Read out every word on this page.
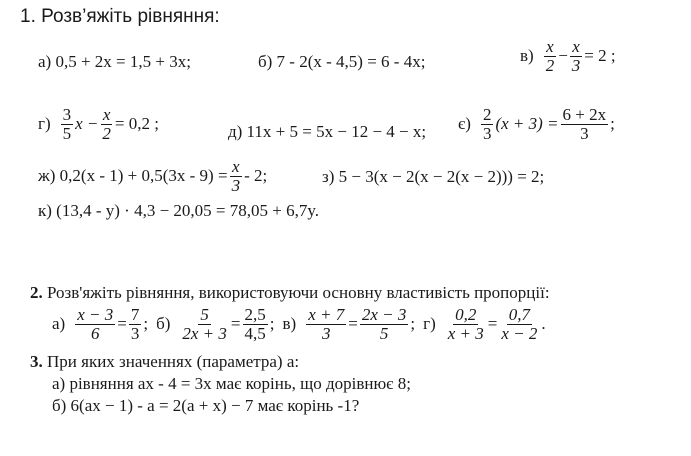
1. Розв’яжіть рівняння:
а) 0,5 + 2x = 1,5 + 3x;	б) 7 - 2(x - 4,5) = 6 - 4x;	$в) \frac{x}{2} - \frac{x}{3} = 2$ ;
$г) \frac{3}{5}$ $x - \frac{x}{2} = 0,2$ ;	д) 11x + 5 = 5x − 12 − 4 − x; $є) \frac{2}{3} (x + 3) = \frac{6 + 2x}{3}$ ;
ж) $0,2(x - 1) + 0,5(3x - 9) = \frac{x}{3} - 2$;	з) 5 − 3(x − 2(x − 2(x − 2))) = 2;
к) (13,4 - y) · 4,3 − 20,05 = 78,05 + 6,7y.
2. Розв'яжіть рівняння, використовуючи основну властивість пропорції:
$а) \frac{x - 3}{6} = \frac{7}{3}$ ; $б) \frac{5}{2x + 3} = \frac{2,5}{4,5}$ ; $в) \frac{x + 7}{3} = \frac{2x - 3}{5}$ ; $г) \frac{0,2}{x + 3} = \frac{0,7}{x - 2}$ .
3. При яких значеннях (параметра) a:
а) рівняння ax - 4 = 3x має корінь, що дорівнює 8;
б) 6(ax − 1) - a = 2(a + x) − 7 має корінь -1?
